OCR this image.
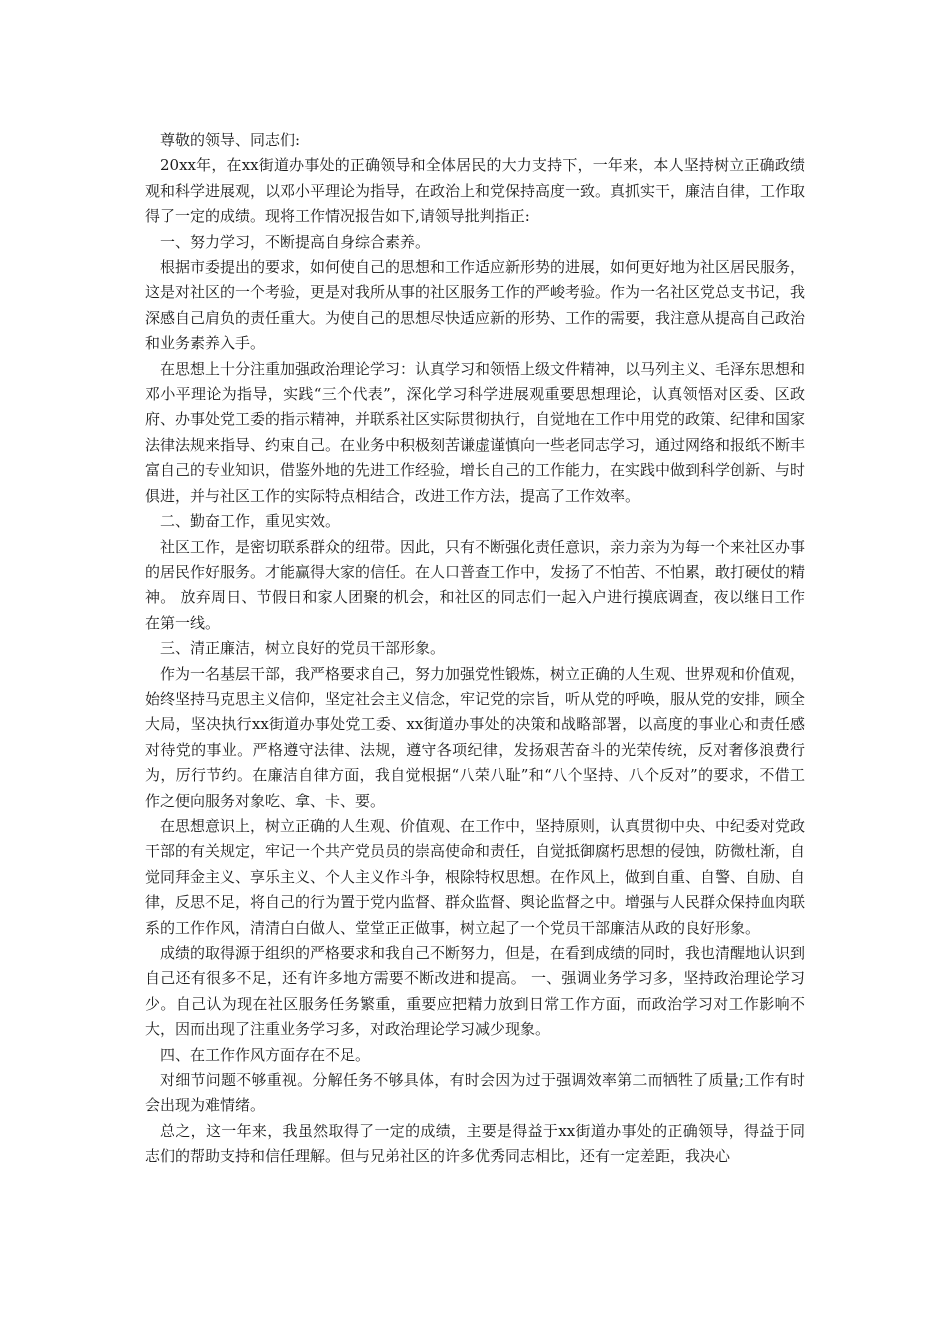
尊敬的领导、同志们:

20xx年，在xx街道办事处的正确领导和全体居民的大力支持下，一年来，本人坚持树立正确政绩观和科学进展观，以邓小平理论为指导，在政治上和党保持高度一致。真抓实干，廉洁自律，工作取得了一定的成绩。现将工作情况报告如下,请领导批判指正:

一、努力学习，不断提高自身综合素养。

根据市委提出的要求，如何使自己的思想和工作适应新形势的进展，如何更好地为社区居民服务，这是对社区的一个考验，更是对我所从事的社区服务工作的严峻考验。作为一名社区党总支书记，我深感自己肩负的责任重大。为使自己的思想尽快适应新的形势、工作的需要，我注意从提高自己政治和业务素养入手。

在思想上十分注重加强政治理论学习：认真学习和领悟上级文件精神，以马列主义、毛泽东思想和邓小平理论为指导，实践“三个代表”，深化学习科学进展观重要思想理论，认真领悟对区委、区政府、办事处党工委的指示精神，并联系社区实际贯彻执行，自觉地在工作中用党的政策、纪律和国家法律法规来指导、约束自己。在业务中积极刻苦谦虚谨慎向一些老同志学习，通过网络和报纸不断丰富自己的专业知识，借鉴外地的先进工作经验，增长自己的工作能力，在实践中做到科学创新、与时俱进，并与社区工作的实际特点相结合，改进工作方法，提高了工作效率。

二、勤奋工作，重见实效。

社区工作，是密切联系群众的纽带。因此，只有不断强化责任意识，亲力亲为为每一个来社区办事的居民作好服务。才能赢得大家的信任。在人口普查工作中，发扬了不怕苦、不怕累，敢打硬仗的精神。 放弃周日、节假日和家人团聚的机会，和社区的同志们一起入户进行摸底调查，夜以继日工作在第一线。

三、清正廉洁，树立良好的党员干部形象。

作为一名基层干部，我严格要求自己，努力加强党性锻炼，树立正确的人生观、世界观和价值观，始终坚持马克思主义信仰，坚定社会主义信念，牢记党的宗旨，听从党的呼唤，服从党的安排，顾全大局，坚决执行xx街道办事处党工委、xx街道办事处的决策和战略部署，以高度的事业心和责任感对待党的事业。严格遵守法律、法规，遵守各项纪律，发扬艰苦奋斗的光荣传统，反对奢侈浪费行为，厉行节约。在廉洁自律方面，我自觉根据“八荣八耻”和“八个坚持、八个反对”的要求，不借工作之便向服务对象吃、拿、卡、要。

在思想意识上，树立正确的人生观、价值观、在工作中，坚持原则，认真贯彻中央、中纪委对党政干部的有关规定，牢记一个共产党员员的崇高使命和责任，自觉抵御腐朽思想的侵蚀，防微杜渐，自觉同拜金主义、享乐主义、个人主义作斗争，根除特权思想。在作风上，做到自重、自警、自励、自律，反思不足，将自己的行为置于党内监督、群众监督、舆论监督之中。增强与人民群众保持血肉联系的工作作风，清清白白做人、堂堂正正做事，树立起了一个党员干部廉洁从政的良好形象。

成绩的取得源于组织的严格要求和我自己不断努力，但是，在看到成绩的同时，我也清醒地认识到自己还有很多不足，还有许多地方需要不断改进和提高。 一、强调业务学习多，坚持政治理论学习少。自己认为现在社区服务任务繁重，重要应把精力放到日常工作方面，而政治学习对工作影响不大，因而出现了注重业务学习多，对政治理论学习减少现象。

四、在工作作风方面存在不足。

对细节问题不够重视。分解任务不够具体，有时会因为过于强调效率第二而牺牲了质量;工作有时会出现为难情绪。

总之，这一年来，我虽然取得了一定的成绩，主要是得益于xx街道办事处的正确领导，得益于同志们的帮助支持和信任理解。但与兄弟社区的许多优秀同志相比，还有一定差距，我决心
